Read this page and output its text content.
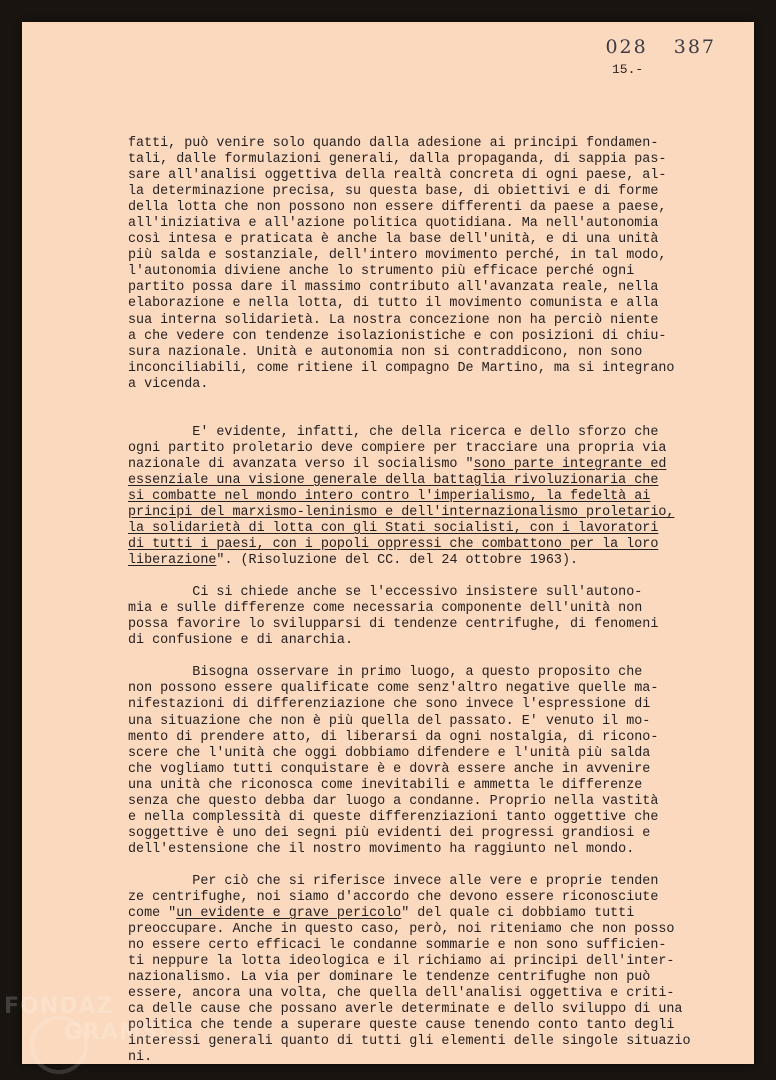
028 387
15.-

fatti, può venire solo quando dalla adesione ai principi fondamen-
tali, dalle formulazioni generali, dalla propaganda, di sappia pas-
sare all'analisi oggettiva della realtà concreta di ogni paese, al-
la determinazione precisa, su questa base, di obiettivi e di forme
della lotta che non possono non essere differenti da paese a paese,
all'iniziativa e all'azione politica quotidiana. Ma nell'autonomia
così intesa e praticata è anche la base dell'unità, e di una unità
più salda e sostanziale, dell'intero movimento perché, in tal modo,
l'autonomia diviene anche lo strumento più efficace perché ogni
partito possa dare il massimo contributo all'avanzata reale, nella
elaborazione e nella lotta, di tutto il movimento comunista e alla
sua interna solidarietà. La nostra concezione non ha perciò niente
a che vedere con tendenze isolazionistiche e con posizioni di chiu-
sura nazionale. Unità e autonomia non si contraddicono, non sono
inconciliabili, come ritiene il compagno De Martino, ma si integrano
a vicenda.

E' evidente, infatti, che della ricerca e dello sforzo che
ogni partito proletario deve compiere per tracciare una propria via
nazionale di avanzata verso il socialismo "sono parte integrante ed
essenziale una visione generale della battaglia rivoluzionaria che
si combatte nel mondo intero contro l'imperialismo, la fedeltà ai
principi del marxismo-leninismo e dell'internazionalismo proletario,
la solidarietà di lotta con gli Stati socialisti, con i lavoratori
di tutti i paesi, con i popoli oppressi che combattono per la loro
liberazione". (Risoluzione del CC. del 24 ottobre 1963).
Ci si chiede anche se l'eccessivo insistere sull'autono-
mia e sulle differenze come necessaria componente dell'unità non
possa favorire lo svilupparsi di tendenze centrifughe, di fenomeni
di confusione e di anarchia.
Bisogna osservare in primo luogo, a questo proposito che
non possono essere qualificate come senz'altro negative quelle ma-
nifestazioni di differenziazione che sono invece l'espressione di
una situazione che non è più quella del passato. E' venuto il mo-
mento di prendere atto, di liberarsi da ogni nostalgia, di ricono-
scere che l'unità che oggi dobbiamo difendere e l'unità più salda
che vogliamo tutti conquistare è e dovrà essere anche in avvenire
una unità che riconosca come inevitabili e ammetta le differenze
senza che questo debba dar luogo a condanne. Proprio nella vastità
e nella complessità di queste differenziazioni tanto oggettive che
soggettive è uno dei segni più evidenti dei progressi grandiosi e
dell'estensione che il nostro movimento ha raggiunto nel mondo.
Per ciò che si riferisce invece alle vere e proprie tenden
ze centrifughe, noi siamo d'accordo che devono essere riconosciute
come "un evidente e grave pericolo" del quale ci dobbiamo tutti
preoccupare. Anche in questo caso, però, noi riteniamo che non posso
no essere certo efficaci le condanne sommarie e non sono sufficien-
ti neppure la lotta ideologica e il richiamo ai principi dell'inter-
nazionalismo. La via per dominare le tendenze centrifughe non può
essere, ancora una volta, che quella dell'analisi oggettiva e criti-
ca delle cause che possano averle determinate e dello sviluppo di una
politica che tende a superare queste cause tenendo conto tanto degli
interessi generali quanto di tutti gli elementi delle singole situazio
ni.
FONDAZ
GRAMSCI
